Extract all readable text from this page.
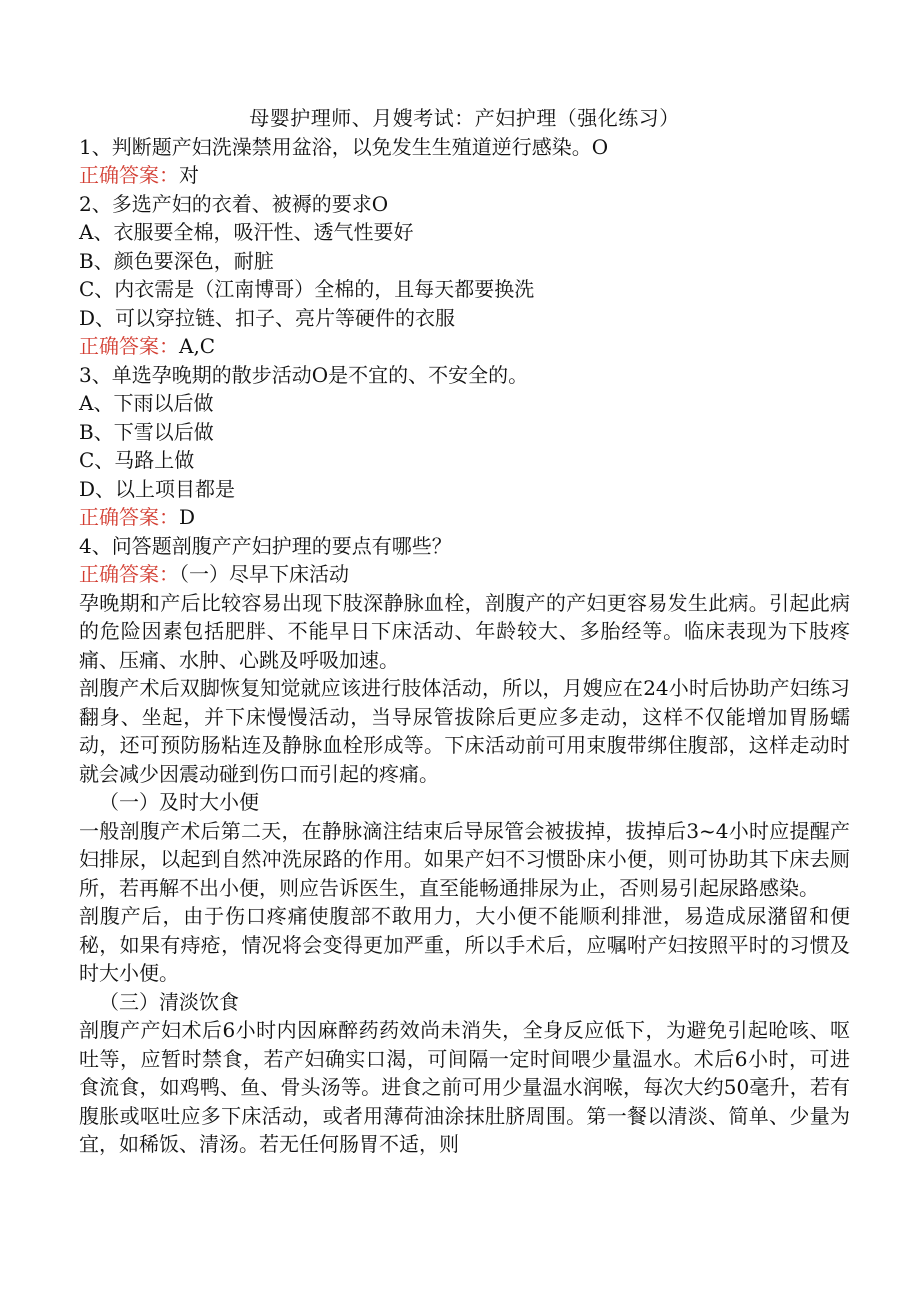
母婴护理师、月嫂考试：产妇护理（强化练习）

1、判断题产妇洗澡禁用盆浴，以免发生生殖道逆行感染。O

正确答案：对

2、多选产妇的衣着、被褥的要求O

A、衣服要全棉，吸汗性、透气性要好

B、颜色要深色，耐脏

C、内衣需是（江南博哥）全棉的，且每天都要换洗

D、可以穿拉链、扣子、亮片等硬件的衣服

正确答案：A,C

3、单选孕晚期的散步活动O是不宜的、不安全的。

A、下雨以后做

B、下雪以后做

C、马路上做

D、以上项目都是

正确答案：D

4、问答题剖腹产产妇护理的要点有哪些？

正确答案：（一）尽早下床活动

孕晚期和产后比较容易出现下肢深静脉血栓，剖腹产的产妇更容易发生此病。引起此病的危险因素包括肥胖、不能早日下床活动、年龄较大、多胎经等。临床表现为下肢疼痛、压痛、水肿、心跳及呼吸加速。

剖腹产术后双脚恢复知觉就应该进行肢体活动，所以，月嫂应在24小时后协助产妇练习翻身、坐起，并下床慢慢活动，当导尿管拔除后更应多走动，这样不仅能增加胃肠蠕动，还可预防肠粘连及静脉血栓形成等。下床活动前可用束腹带绑住腹部，这样走动时就会减少因震动碰到伤口而引起的疼痛。

（一）及时大小便

一般剖腹产术后第二天，在静脉滴注结束后导尿管会被拔掉，拔掉后3~4小时应提醒产妇排尿，以起到自然冲洗尿路的作用。如果产妇不习惯卧床小便，则可协助其下床去厕所，若再解不出小便，则应告诉医生，直至能畅通排尿为止，否则易引起尿路感染。

剖腹产后，由于伤口疼痛使腹部不敢用力，大小便不能顺利排泄，易造成尿潴留和便秘，如果有痔疮，情况将会变得更加严重，所以手术后，应嘱咐产妇按照平时的习惯及时大小便。

（三）清淡饮食

剖腹产产妇术后6小时内因麻醉药药效尚未消失，全身反应低下，为避免引起呛咳、呕吐等，应暂时禁食，若产妇确实口渴，可间隔一定时间喂少量温水。术后6小时，可进食流食，如鸡鸭、鱼、骨头汤等。进食之前可用少量温水润喉，每次大约50毫升，若有腹胀或呕吐应多下床活动，或者用薄荷油涂抹肚脐周围。第一餐以清淡、简单、少量为宜，如稀饭、清汤。若无任何肠胃不适，则
